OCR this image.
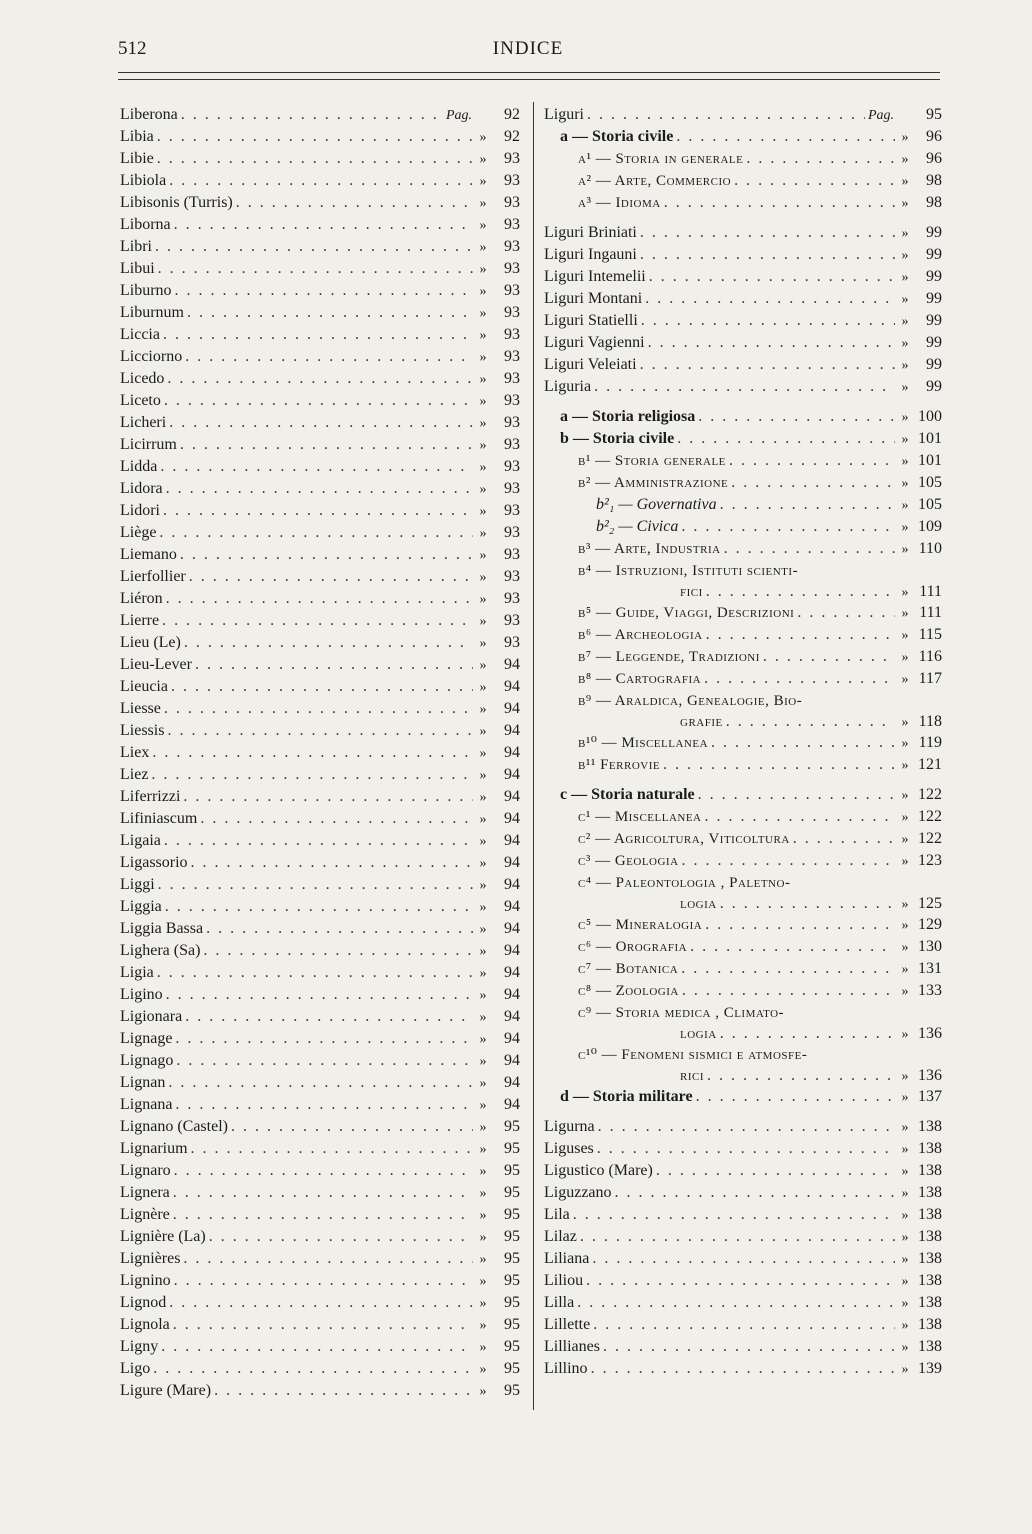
512	INDICE
Liberona . . .	Pag.	92
Libia . . .	»	92
Libie . . .	»	93
Libiola . . .	»	93
Libisonis (Turris) . . .	»	93
Liborna . . .	»	93
Libri . . .	»	93
Libui . . .	»	93
Liburno . . .	»	93
Liburnum . . .	»	93
Liccia . . .	»	93
Licciorno . . .	»	93
Licedo . . .	»	93
Liceto . . .	»	93
Licheri . . .	»	93
Licirrum . . .	»	93
Lidda . . .	»	93
Lidora . . .	»	93
Lidori . . .	»	93
Liège . . .	»	93
Liemano . . .	»	93
Lierfollier . . .	»	93
Liéron . . .	»	93
Lierre . . .	»	93
Lieu (Le) . . .	»	93
Lieu-Lever . . .	»	94
Lieucia . . .	»	94
Liesse . . .	»	94
Liessis . . .	»	94
Liex . . .	»	94
Liez . . .	»	94
Liferrizzi . . .	»	94
Lifiniascum . . .	»	94
Ligaia . . .	»	94
Ligassorio . . .	»	94
Liggi . . .	»	94
Liggia . . .	»	94
Liggia Bassa . . .	»	94
Lighera (Sa) . . .	»	94
Ligia . . .	»	94
Ligino . . .	»	94
Ligionara . . .	»	94
Lignage . . .	»	94
Lignago . . .	»	94
Lignan . . .	»	94
Lignana . . .	»	94
Lignano (Castel) . . .	»	95
Lignarium . . .	»	95
Lignaro . . .	»	95
Lignera . . .	»	95
Lignère . . .	»	95
Lignière (La) . . .	»	95
Lignières . . .	»	95
Lignino . . .	»	95
Lignod . . .	»	95
Lignola . . .	»	95
Ligny . . .	»	95
Ligo . . .	»	95
Ligure (Mare) . . .	»	95
Liguri . . .	Pag.	95
a — Storia civile . . .	»	96
a¹ — Storia in generale . . .	»	96
a² — Arte, Commercio . . .	»	98
a³ — Idioma . . .	»	98
Liguri Briniati . . .	»	99
Liguri Ingauni . . .	»	99
Liguri Intemelii . . .	»	99
Liguri Montani . . .	»	99
Liguri Statielli . . .	»	99
Liguri Vagienni . . .	»	99
Liguri Veleiati . . .	»	99
Liguria . . .	»	99
a — Storia religiosa . . .	» 100
b — Storia civile . . .	» 101
b¹ — Storia generale . . .	» 101
b² — Amministrazione . . .	» 105
b²₁ — Governativa . . .	» 105
b²₂ — Civica . . .	» 109
b³ — Arte, Industria . . .	» 110
b⁴ — Istruzioni, Istituti scienti-
fici . . .	» 111
b⁵ — Guide, Viaggi, Descrizioni . . .	» 111
b⁶ — Archeologia . . .	» 115
b⁷ — Leggende, Tradizioni . . .	» 116
b⁸ — Cartografia . . .	» 117
b⁹ — Araldica, Genealogie, Bio-
grafie . . .	» 118
b¹⁰ — Miscellanea . . .	» 119
b¹¹ Ferrovie . . .	» 121
c — Storia naturale . . .	» 122
c¹ — Miscellanea . . .	» 122
c² — Agricoltura, Viticoltura . . .	» 122
c³ — Geologia . . .	» 123
c⁴ — Paleontologia , Paletno-
logia . . .	» 125
c⁵ — Mineralogia . . .	» 129
c⁶ — Orografia . . .	» 130
c⁷ — Botanica . . .	» 131
c⁸ — Zoologia . . .	» 133
c⁹ — Storia medica , Climato-
logia . . .	» 136
c¹⁰ — Fenomeni sismici e atmosfe-
rici . . .	» 136
d — Storia militare . . .	» 137
Ligurna . . .	» 138
Liguses . . .	» 138
Ligustico (Mare) . . .	» 138
Liguzzano . . .	» 138
Lila . . .	» 138
Lilaz . . .	» 138
Liliana . . .	» 138
Liliou . . .	» 138
Lilla . . .	» 138
Lillette . . .	» 138
Lillianes . . .	» 138
Lillino . . .	» 139
